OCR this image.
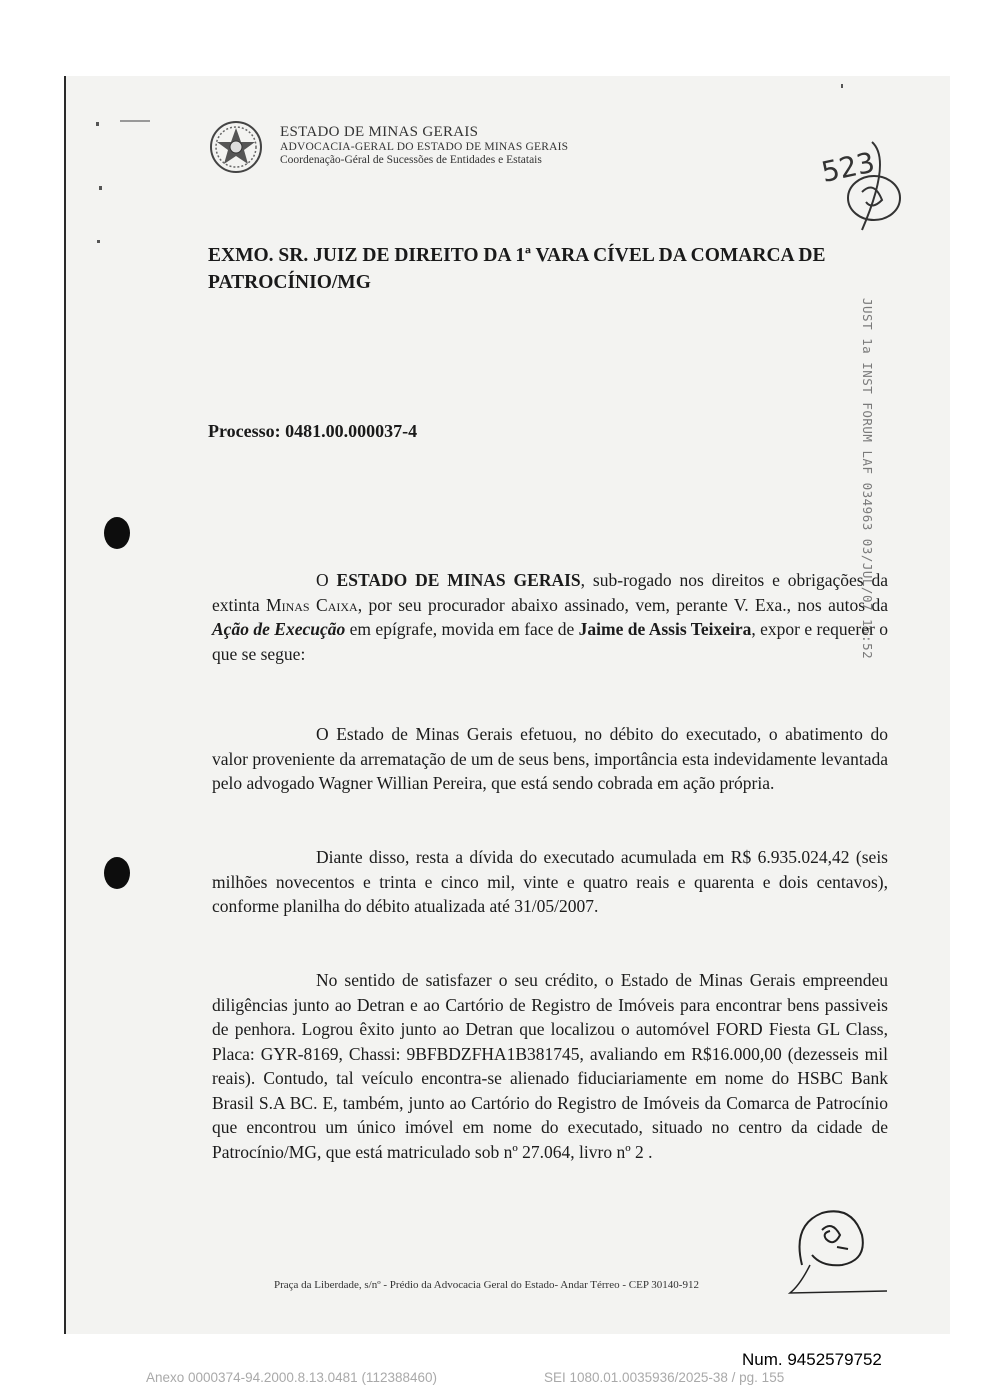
ESTADO DE MINAS GERAIS
ADVOCACIA-GERAL DO ESTADO DE MINAS GERAIS
Coordenação-Géral de Sucessões de Entidades e Estatais	523
EXMO. SR. JUIZ DE DIREITO DA 1ª VARA CÍVEL DA COMARCA DE PATROCÍNIO/MG
JUST 1a INST FORUM LAF 034963 03/JUL/07 16:52
Processo: 0481.00.000037-4

O ESTADO DE MINAS GERAIS, sub-rogado nos direitos e obrigações da extinta Minas Caixa, por seu procurador abaixo assinado, vem, perante V. Exa., nos autos da Ação de Execução em epígrafe, movida em face de Jaime de Assis Teixeira, expor e requerer o que se segue:

O Estado de Minas Gerais efetuou, no débito do executado, o abatimento do valor proveniente da arrematação de um de seus bens, importância esta indevidamente levantada pelo advogado Wagner Willian Pereira, que está sendo cobrada em ação própria.

Diante disso, resta a dívida do executado acumulada em R$ 6.935.024,42 (seis milhões novecentos e trinta e cinco mil, vinte e quatro reais e quarenta e dois centavos), conforme planilha do débito atualizada até 31/05/2007.

No sentido de satisfazer o seu crédito, o Estado de Minas Gerais empreendeu diligências junto ao Detran e ao Cartório de Registro de Imóveis para encontrar bens passiveis de penhora. Logrou êxito junto ao Detran que localizou o automóvel FORD Fiesta GL Class, Placa: GYR-8169, Chassi: 9BFBDZFHA1B381745, avaliando em R$16.000,00 (dezesseis mil reais). Contudo, tal veículo encontra-se alienado fiduciariamente em nome do HSBC Bank Brasil S.A BC. E, também, junto ao Cartório do Registro de Imóveis da Comarca de Patrocínio que encontrou um único imóvel em nome do executado, situado no centro da cidade de Patrocínio/MG, que está matriculado sob nº 27.064, livro nº 2 .

Praça da Liberdade, s/nº - Prédio da Advocacia Geral do Estado- Andar Térreo - CEP 30140-912
Num. 9452579752
Anexo 0000374-94.2000.8.13.0481 (112388460)	SEI 1080.01.0035936/2025-38 / pg. 155
